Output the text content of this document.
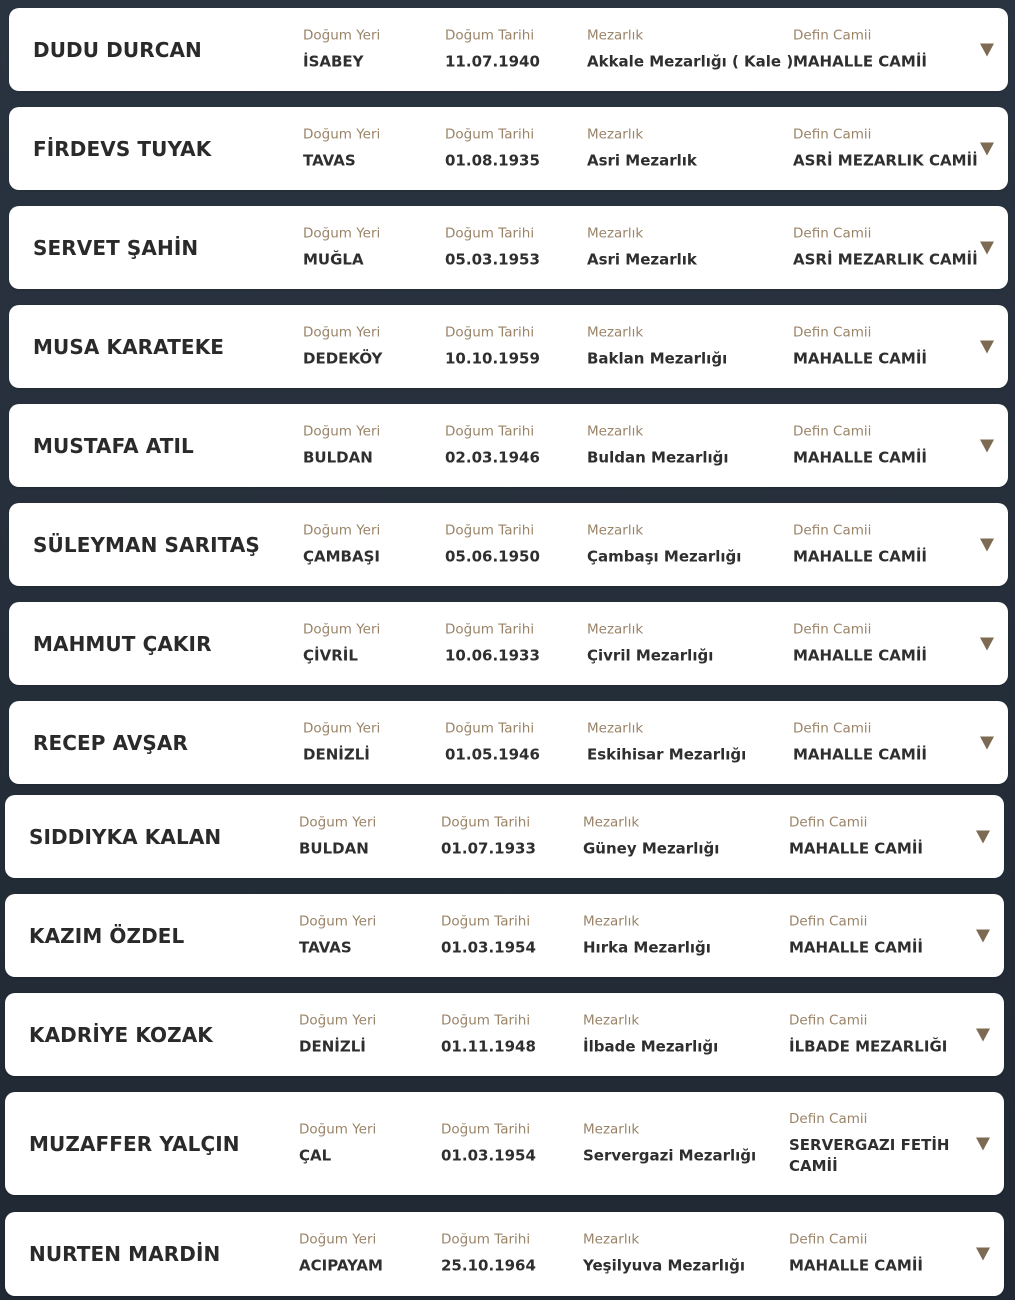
DUDU DURCAN
Doğum Yeri
İSABEY
Doğum Tarihi
11.07.1940
Mezarlık
Akkale Mezarlığı ( Kale )
Defin Camii
MAHALLE CAMİİ
FİRDEVS TUYAK
Doğum Yeri
TAVAS
Doğum Tarihi
01.08.1935
Mezarlık
Asri Mezarlık
Defin Camii
ASRİ MEZARLIK CAMİİ
SERVET ŞAHİN
Doğum Yeri
MUĞLA
Doğum Tarihi
05.03.1953
Mezarlık
Asri Mezarlık
Defin Camii
ASRİ MEZARLIK CAMİİ
MUSA KARATEKE
Doğum Yeri
DEDEKÖY
Doğum Tarihi
10.10.1959
Mezarlık
Baklan Mezarlığı
Defin Camii
MAHALLE CAMİİ
MUSTAFA ATIL
Doğum Yeri
BULDAN
Doğum Tarihi
02.03.1946
Mezarlık
Buldan Mezarlığı
Defin Camii
MAHALLE CAMİİ
SÜLEYMAN SARITAŞ
Doğum Yeri
ÇAMBAŞI
Doğum Tarihi
05.06.1950
Mezarlık
Çambaşı Mezarlığı
Defin Camii
MAHALLE CAMİİ
MAHMUT ÇAKIR
Doğum Yeri
ÇİVRİL
Doğum Tarihi
10.06.1933
Mezarlık
Çivril Mezarlığı
Defin Camii
MAHALLE CAMİİ
RECEP AVŞAR
Doğum Yeri
DENİZLİ
Doğum Tarihi
01.05.1946
Mezarlık
Eskihisar Mezarlığı
Defin Camii
MAHALLE CAMİİ
SIDDIYKA KALAN
Doğum Yeri
BULDAN
Doğum Tarihi
01.07.1933
Mezarlık
Güney Mezarlığı
Defin Camii
MAHALLE CAMİİ
KAZIM ÖZDEL
Doğum Yeri
TAVAS
Doğum Tarihi
01.03.1954
Mezarlık
Hırka Mezarlığı
Defin Camii
MAHALLE CAMİİ
KADRİYE KOZAK
Doğum Yeri
DENİZLİ
Doğum Tarihi
01.11.1948
Mezarlık
İlbade Mezarlığı
Defin Camii
İLBADE MEZARLIĞI
MUZAFFER YALÇIN
Doğum Yeri
ÇAL
Doğum Tarihi
01.03.1954
Mezarlık
Servergazi Mezarlığı
Defin Camii
SERVERGAZI FETİH CAMİİ
NURTEN MARDİN
Doğum Yeri
ACIPAYAM
Doğum Tarihi
25.10.1964
Mezarlık
Yeşilyuva Mezarlığı
Defin Camii
MAHALLE CAMİİ
